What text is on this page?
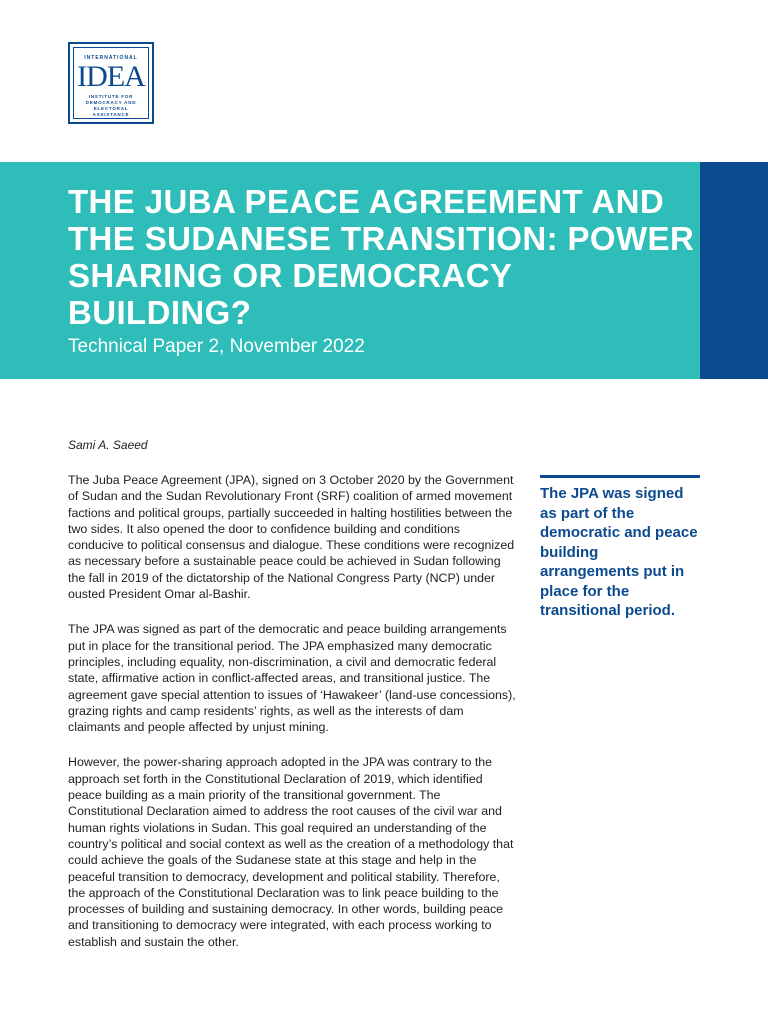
INTERNATIONAL
IDEA
INSTITUTE FOR DEMOCRACY AND ELECTORAL ASSISTANCE
THE JUBA PEACE AGREEMENT AND THE SUDANESE TRANSITION: POWER SHARING OR DEMOCRACY BUILDING?

Technical Paper 2, November 2022

Sami A. Saeed

The Juba Peace Agreement (JPA), signed on 3 October 2020 by the Government of Sudan and the Sudan Revolutionary Front (SRF) coalition of armed movement factions and political groups, partially succeeded in halting hostilities between the two sides. It also opened the door to confidence building and conditions conducive to political consensus and dialogue. These conditions were recognized as necessary before a sustainable peace could be achieved in Sudan following the fall in 2019 of the dictatorship of the National Congress Party (NCP) under ousted President Omar al-Bashir.

The JPA was signed as part of the democratic and peace building arrangements put in place for the transitional period. The JPA emphasized many democratic principles, including equality, non-discrimination, a civil and democratic federal state, affirmative action in conflict-affected areas, and transitional justice. The agreement gave special attention to issues of ‘Hawakeer’ (land-use concessions), grazing rights and camp residents’ rights, as well as the interests of dam claimants and people affected by unjust mining.

However, the power-sharing approach adopted in the JPA was contrary to the approach set forth in the Constitutional Declaration of 2019, which identified peace building as a main priority of the transitional government. The Constitutional Declaration aimed to address the root causes of the civil war and human rights violations in Sudan. This goal required an understanding of the country’s political and social context as well as the creation of a methodology that could achieve the goals of the Sudanese state at this stage and help in the peaceful transition to democracy, development and political stability. Therefore, the approach of the Constitutional Declaration was to link peace building to the processes of building and sustaining democracy. In other words, building peace and transitioning to democracy were integrated, with each process working to establish and sustain the other.

The JPA was signed as part of the democratic and peace building arrangements put in place for the transitional period.
